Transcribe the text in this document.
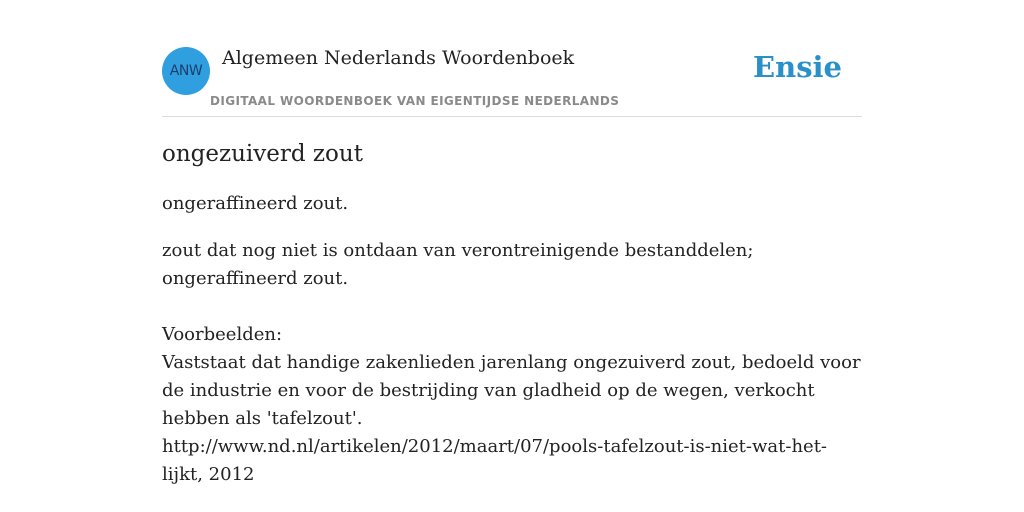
ANW
Algemeen Nederlands Woordenboek
DIGITAAL WOORDENBOEK VAN EIGENTIJDSE NEDERLANDS
Ensie
ongezuiverd zout

ongeraffineerd zout.

zout dat nog niet is ontdaan van verontreinigende bestanddelen; ongeraffineerd zout.

Voorbeelden:

Vaststaat dat handige zakenlieden jarenlang ongezuiverd zout, bedoeld voor de industrie en voor de bestrijding van gladheid op de wegen, verkocht hebben als 'tafelzout'.

http://www.nd.nl/artikelen/2012/maart/07/pools-tafelzout-is-niet-wat-het-lijkt, 2012
